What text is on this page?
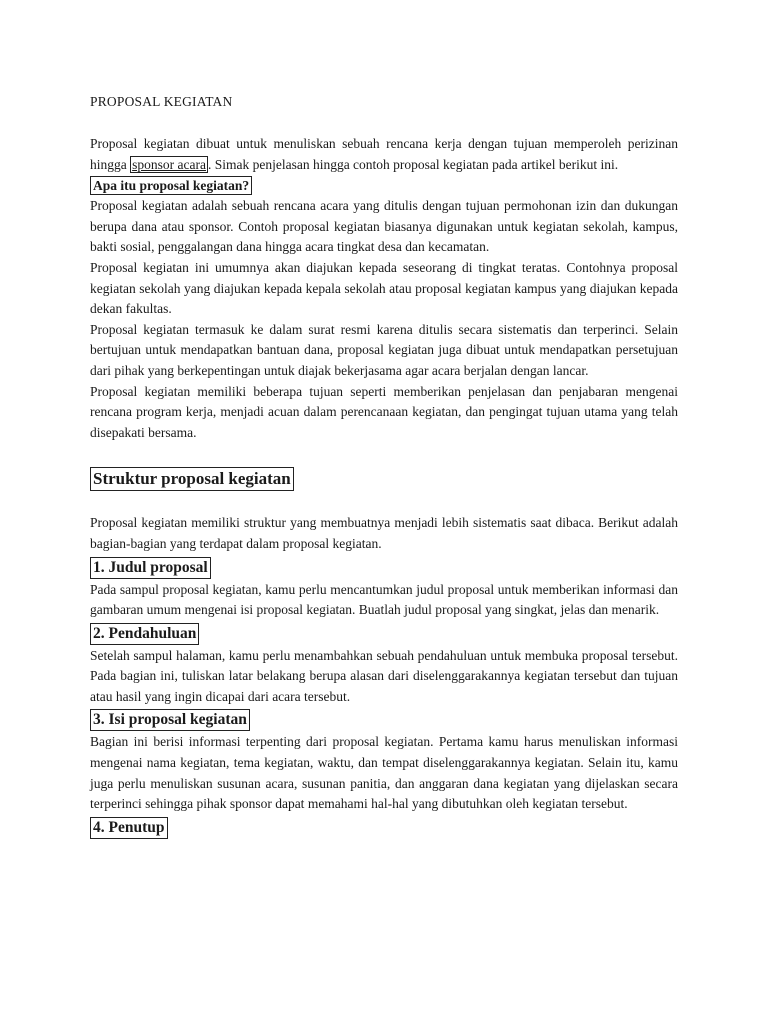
PROPOSAL KEGIATAN

Proposal kegiatan dibuat untuk menuliskan sebuah rencana kerja dengan tujuan memperoleh perizinan hingga sponsor acara . Simak penjelasan hingga contoh proposal kegiatan pada artikel berikut ini.

Apa itu proposal kegiatan?

Proposal kegiatan adalah sebuah rencana acara yang ditulis dengan tujuan permohonan izin dan dukungan berupa dana atau sponsor. Contoh proposal kegiatan biasanya digunakan untuk kegiatan sekolah, kampus, bakti sosial, penggalangan dana hingga acara tingkat desa dan kecamatan.

Proposal kegiatan ini umumnya akan diajukan kepada seseorang di tingkat teratas. Contohnya proposal kegiatan sekolah yang diajukan kepada kepala sekolah atau proposal kegiatan kampus yang diajukan kepada dekan fakultas.

Proposal kegiatan termasuk ke dalam surat resmi karena ditulis secara sistematis dan terperinci. Selain bertujuan untuk mendapatkan bantuan dana, proposal kegiatan juga dibuat untuk mendapatkan persetujuan dari pihak yang berkepentingan untuk diajak bekerjasama agar acara berjalan dengan lancar.

Proposal kegiatan memiliki beberapa tujuan seperti memberikan penjelasan dan penjabaran mengenai rencana program kerja, menjadi acuan dalam perencanaan kegiatan, dan pengingat tujuan utama yang telah disepakati bersama.

Struktur proposal kegiatan

Proposal kegiatan memiliki struktur yang membuatnya menjadi lebih sistematis saat dibaca. Berikut adalah bagian-bagian yang terdapat dalam proposal kegiatan.

1. Judul proposal

Pada sampul proposal kegiatan, kamu perlu mencantumkan judul proposal untuk memberikan informasi dan gambaran umum mengenai isi proposal kegiatan. Buatlah judul proposal yang singkat, jelas dan menarik.

2. Pendahuluan

Setelah sampul halaman, kamu perlu menambahkan sebuah pendahuluan untuk membuka proposal tersebut. Pada bagian ini, tuliskan latar belakang berupa alasan dari diselenggarakannya kegiatan tersebut dan tujuan atau hasil yang ingin dicapai dari acara tersebut.

3. Isi proposal kegiatan

Bagian ini berisi informasi terpenting dari proposal kegiatan. Pertama kamu harus menuliskan informasi mengenai nama kegiatan, tema kegiatan, waktu, dan tempat diselenggarakannya kegiatan. Selain itu, kamu juga perlu menuliskan susunan acara, susunan panitia, dan anggaran dana kegiatan yang dijelaskan secara terperinci sehingga pihak sponsor dapat memahami hal-hal yang dibutuhkan oleh kegiatan tersebut.

4. Penutup
